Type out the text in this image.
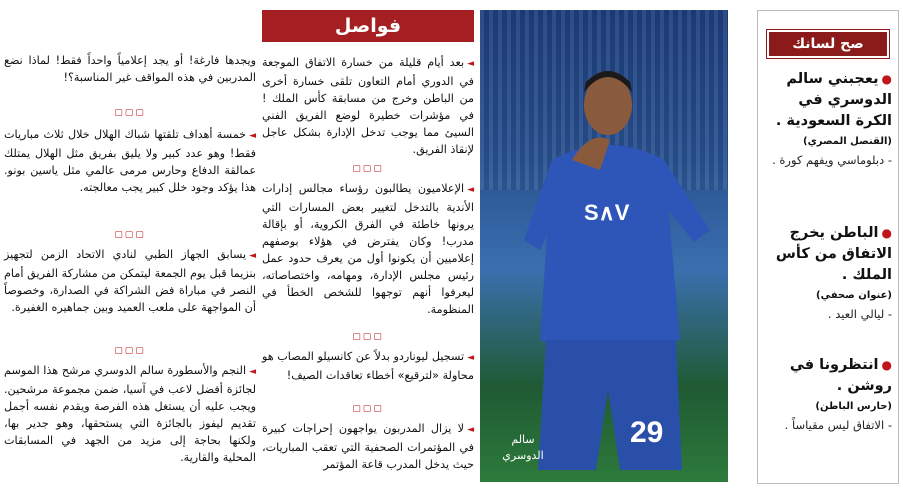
صح لسانك
●يعجبني سالم الدوسري في الكرة السعودية .
(القنصل المصري)
- دبلوماسي ويفهم كورة .
●الباطن يخرج الاتفاق من كأس الملك .
(عنوان صحفي)
- ليالي العيد .
●انتظرونا في روشن .
(حارس الباطن)
- الاتفاق ليس مقياساً .
29
S∧V
سالم الدوسري
فواصل
◄بعد أيام قليلة من خسارة الاتفاق الموجعة في الدوري أمام التعاون تلقى خسارة أخرى من الباطن وخرج من مسابقة كأس الملك ! في مؤشرات خطيرة لوضع الفريق الفني السيئ مما يوجب تدخل الإدارة بشكل عاجل لإنقاذ الفريق.
▢▢▢
◄الإعلاميون يطالبون رؤساء مجالس إدارات الأندية بالتدخل لتغيير بعض المسارات التي يرونها خاطئة في الفرق الكروية، أو بإقالة مدرب! وكان يفترض في هؤلاء بوصفهم إعلاميين أن يكونوا أول من يعرف حدود عمل رئيس مجلس الإدارة، ومهامه، واختصاصاته، ليعرفوا أنهم توجهوا للشخص الخطأ في المنظومة.
▢▢▢
◄تسجيل ليوناردو بدلاً عن كانسيلو المصاب هو محاولة «لترقيع» أخطاء تعاقدات الصيف!
▢▢▢
◄لا يزال المدربون يواجهون إحراجات كبيرة في المؤتمرات الصحفية التي تعقب المباريات، حيث يدخل المدرب قاعة المؤتمر
ويجدها فارغة! أو يجد إعلامياً واحداً فقط! لماذا نضع المدربين في هذه المواقف غير المناسبة؟!
▢▢▢
◄خمسة أهداف تلقتها شباك الهلال خلال ثلاث مباريات فقط! وهو عدد كبير ولا يليق بفريق مثل الهلال يمتلك عمالقة الدفاع وحارس مرمى عالمي مثل ياسين بونو. هذا يؤكد وجود خلل كبير يجب معالجته.
▢▢▢
◄يسابق الجهاز الطبي لنادي الاتحاد الزمن لتجهيز بنزيما قبل يوم الجمعة ليتمكن من مشاركة الفريق أمام النصر في مباراة فض الشراكة في الصدارة، وخصوصاً أن المواجهة على ملعب العميد وبين جماهيره الغفيرة.
▢▢▢
◄النجم والأسطورة سالم الدوسري مرشح هذا الموسم لجائزة أفضل لاعب في آسيا، ضمن مجموعة مرشحين. ويجب عليه أن يستغل هذه الفرصة ويقدم نفسه أجمل تقديم ليفوز بالجائزة التي يستحقها، وهو جدير بها، ولكنها بحاجة إلى مزيد من الجهد في المسابقات المحلية والقارية.
